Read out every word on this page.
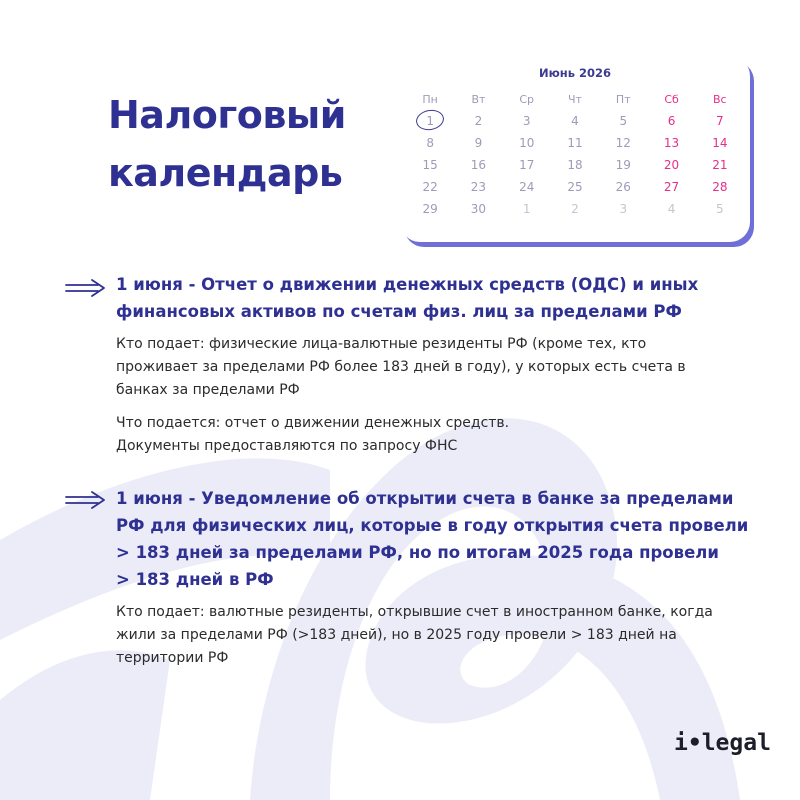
Налоговый
календарь
Июнь 2026
Пн	Вт	Ср	Чт	Пт	Сб	Вс
1	2	3	4	5	6	7
8	9	10	11	12	13	14
15	16	17	18	19	20	21
22	23	24	25	26	27	28
29	30	1	2	3	4	5
1 июня - Отчет о движении денежных средств (ОДС) и иных
финансовых активов по счетам физ. лиц за пределами РФ
Кто подает: физические лица-валютные резиденты РФ (кроме тех, кто
проживает за пределами РФ более 183 дней в году), у которых есть счета в
банках за пределами РФ
Что подается: отчет о движении денежных средств.
Документы предоставляются по запросу ФНС
1 июня - Уведомление об открытии счета в банке за пределами
РФ для физических лиц, которые в году открытия счета провели
> 183 дней за пределами РФ, но по итогам 2025 года провели
> 183 дней в РФ
Кто подает: валютные резиденты, открывшие счет в иностранном банке, когда
жили за пределами РФ (>183 дней), но в 2025 году провели > 183 дней на
территории РФ
i•legal
